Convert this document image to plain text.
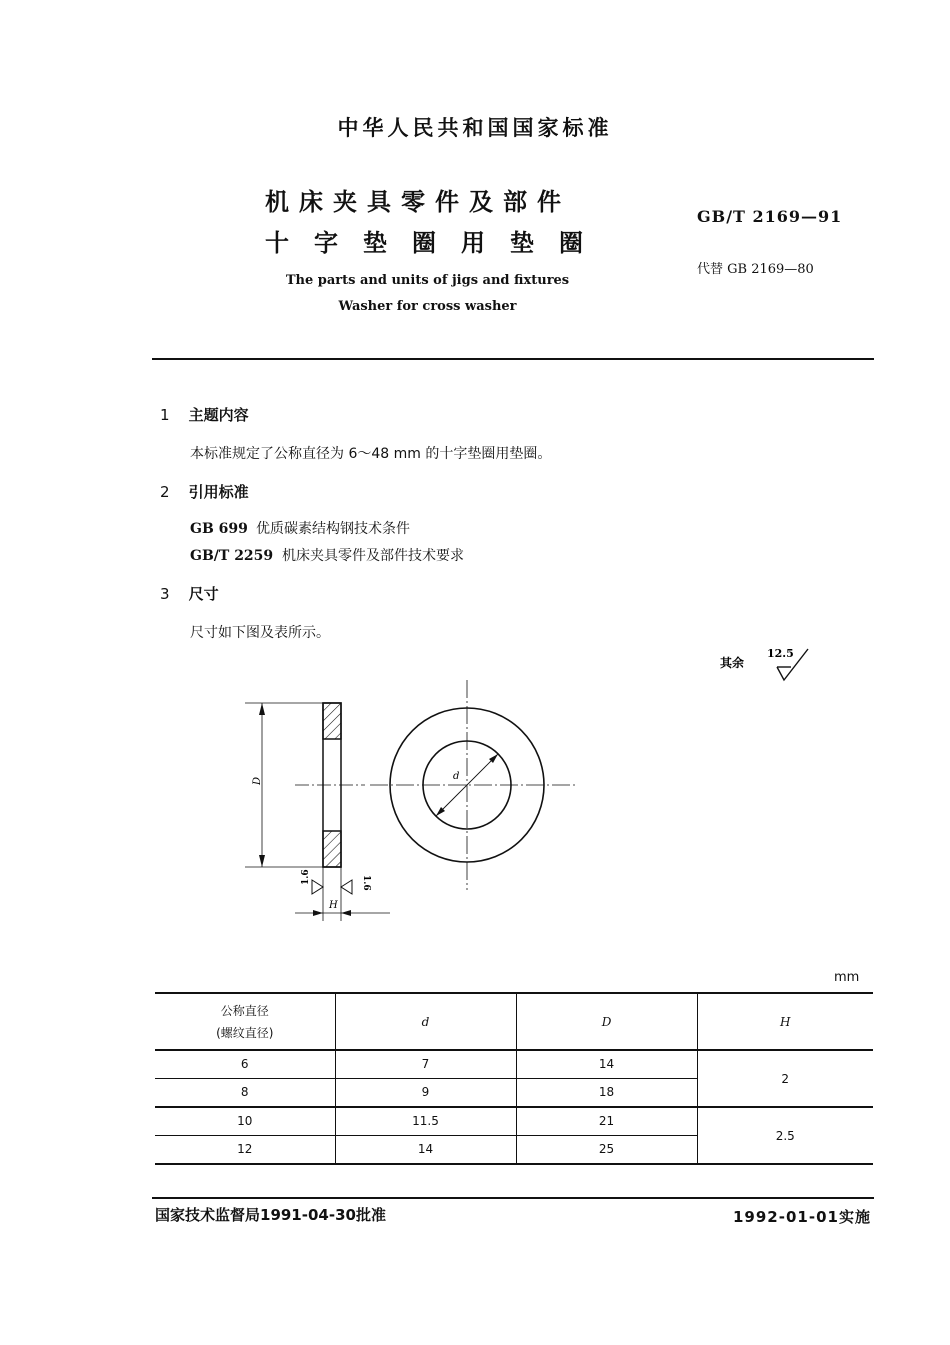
中华人民共和国国家标准
机床夹具零件及部件
十字垫圈用垫圈
GB/T 2169—91
代替 GB 2169—80
The parts and units of jigs and fixtures
Washer for cross washer
1 主题内容
本标准规定了公称直径为 6～48 mm 的十字垫圈用垫圈。
2 引用标准
GB 699 优质碳素结构钢技术条件
GB/T 2259 机床夹具零件及部件技术要求
3 尺寸
尺寸如下图及表所示。
其余
12.5
D
H
1.6	1.6
d
mm
公称直径
(螺纹直径)	d	D	H
6	7	14	2
8	9	18	
10	11.5	21	2.5
12	14	25	
国家技术监督局1991-04-30批准	1992-01-01实施
